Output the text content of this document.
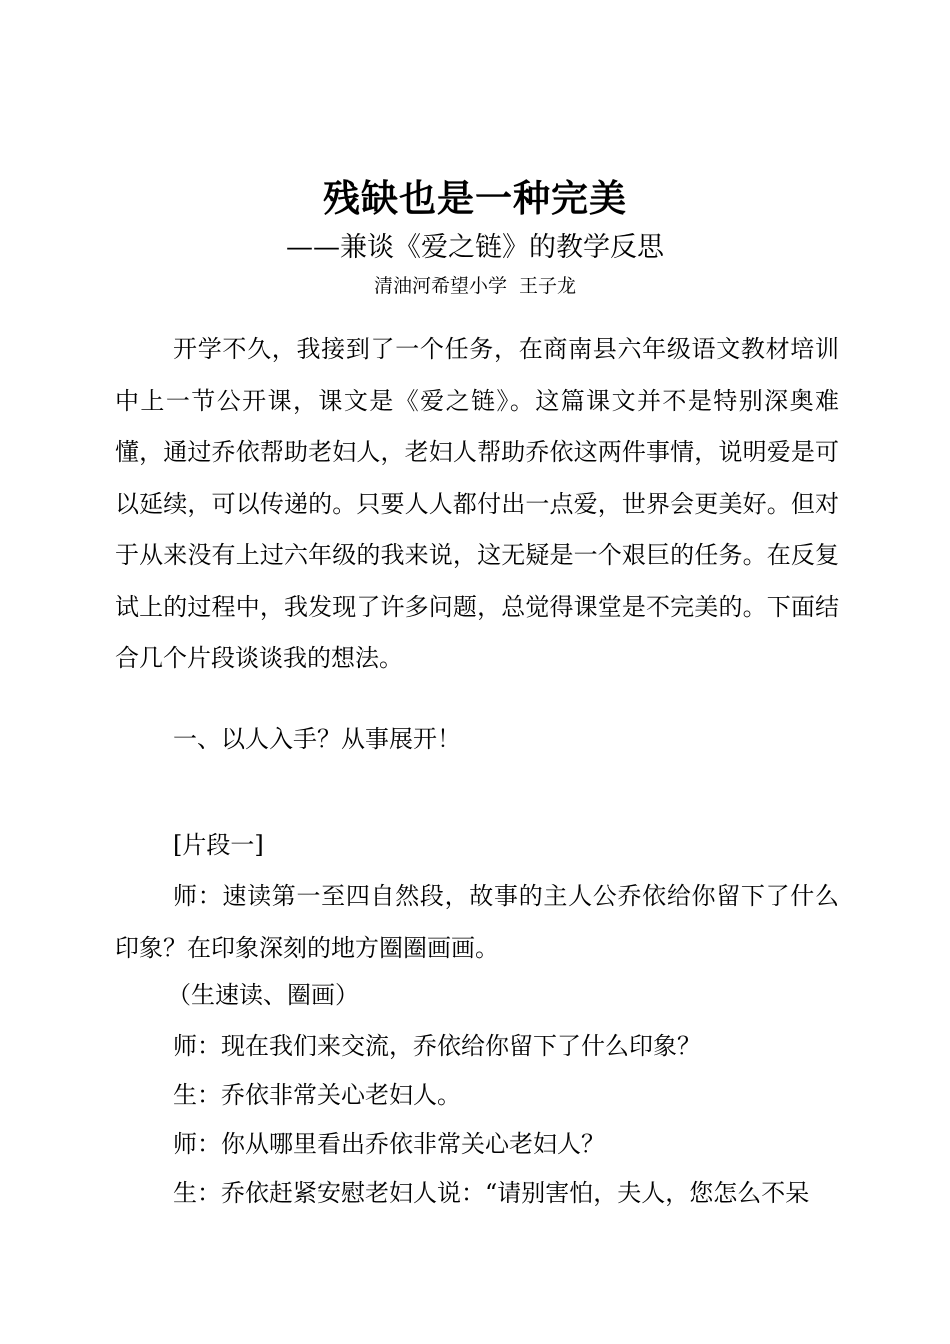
残缺也是一种完美
——兼谈《爱之链》的教学反思
清油河希望小学 王子龙

开学不久，我接到了一个任务，在商南县六年级语文教材培训中上一节公开课，课文是《爱之链》。这篇课文并不是特别深奥难懂，通过乔依帮助老妇人，老妇人帮助乔依这两件事情，说明爱是可以延续，可以传递的。只要人人都付出一点爱，世界会更美好。但对于从来没有上过六年级的我来说，这无疑是一个艰巨的任务。在反复试上的过程中，我发现了许多问题，总觉得课堂是不完美的。下面结合几个片段谈谈我的想法。

一、以人入手？从事展开！

[片段一]

师：速读第一至四自然段，故事的主人公乔依给你留下了什么印象？在印象深刻的地方圈圈画画。

（生速读、圈画）

师：现在我们来交流，乔依给你留下了什么印象？

生：乔依非常关心老妇人。

师：你从哪里看出乔依非常关心老妇人？

生：乔依赶紧安慰老妇人说：“请别害怕，夫人，您怎么不呆
